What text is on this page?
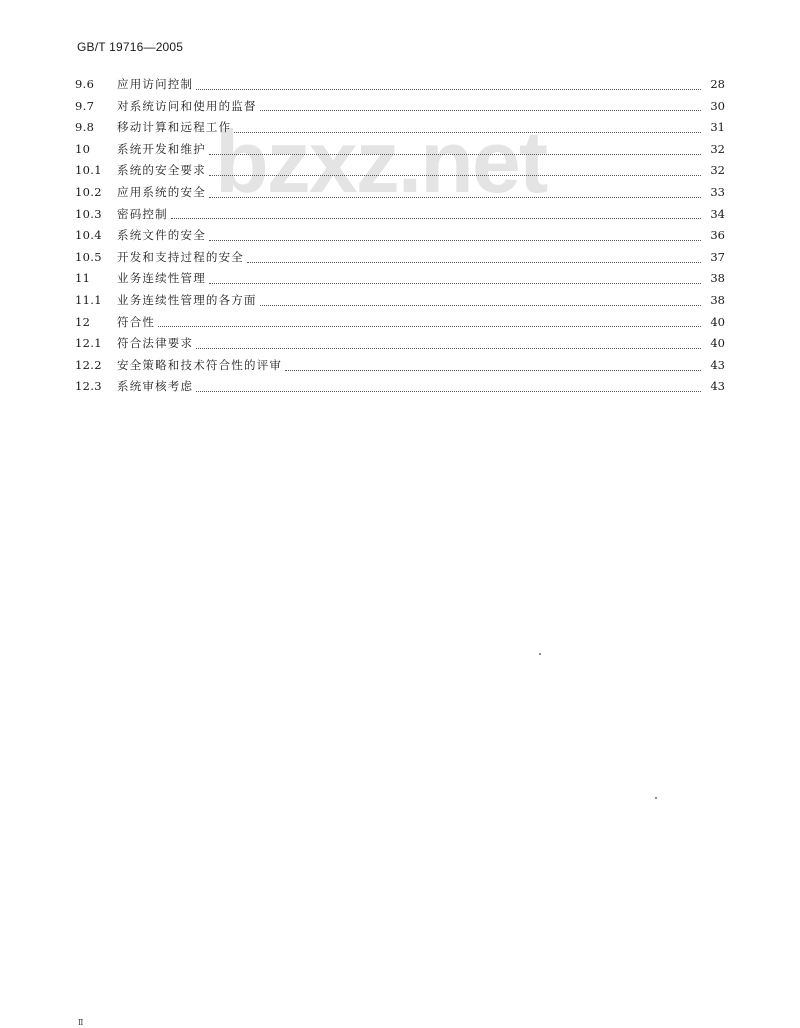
GB/T 19716—2005
bzxz.net
9.6	应用访问控制	28
9.7	对系统访问和使用的监督	30
9.8	移动计算和远程工作	31
10	系统开发和维护	32
10.1	系统的安全要求	32
10.2	应用系统的安全	33
10.3	密码控制	34
10.4	系统文件的安全	36
10.5	开发和支持过程的安全	37
11	业务连续性管理	38
11.1	业务连续性管理的各方面	38
12	符合性	40
12.1	符合法律要求	40
12.2	安全策略和技术符合性的评审	43
12.3	系统审核考虑	43
Ⅱ
